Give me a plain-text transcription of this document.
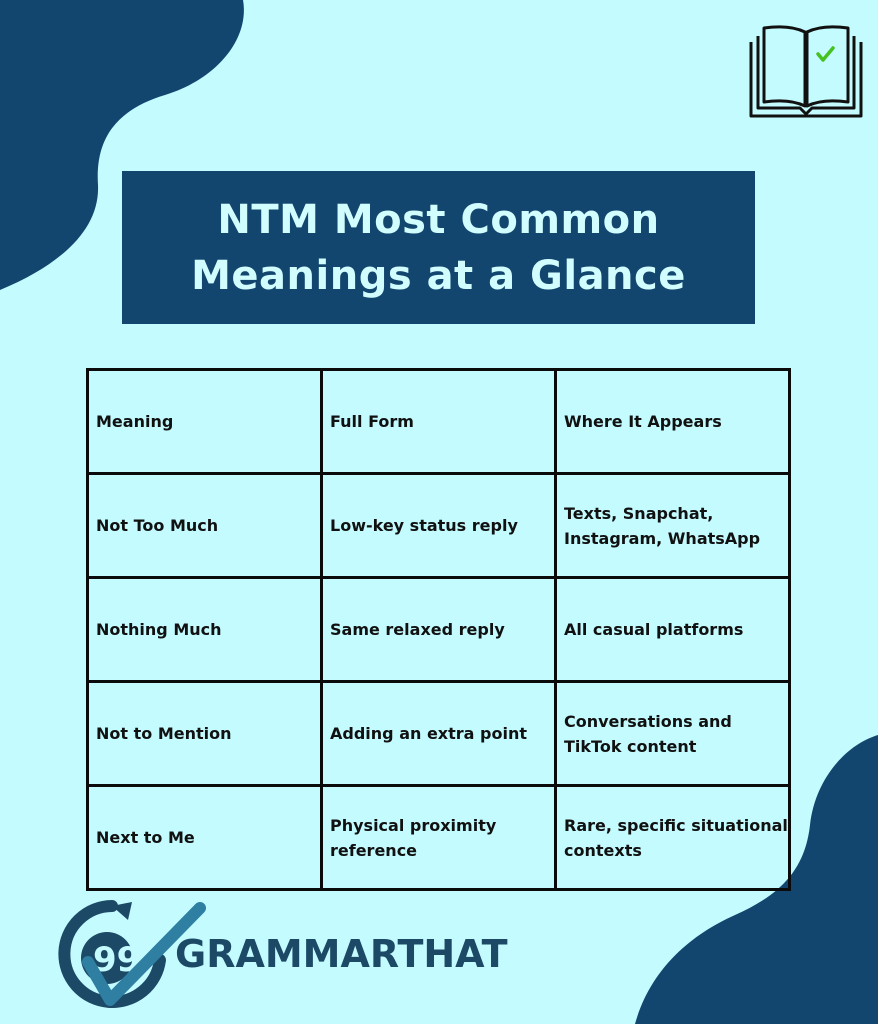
NTM Most Common
Meanings at a Glance
Meaning	Full Form	Where It Appears
Not Too Much	Low-key status reply	Texts, Snapchat, Instagram, WhatsApp
Nothing Much	Same relaxed reply	All casual platforms
Not to Mention	Adding an extra point	Conversations and TikTok content
Next to Me	Physical proximity reference	Rare, specific situational contexts
99 GRAMMARTHAT
